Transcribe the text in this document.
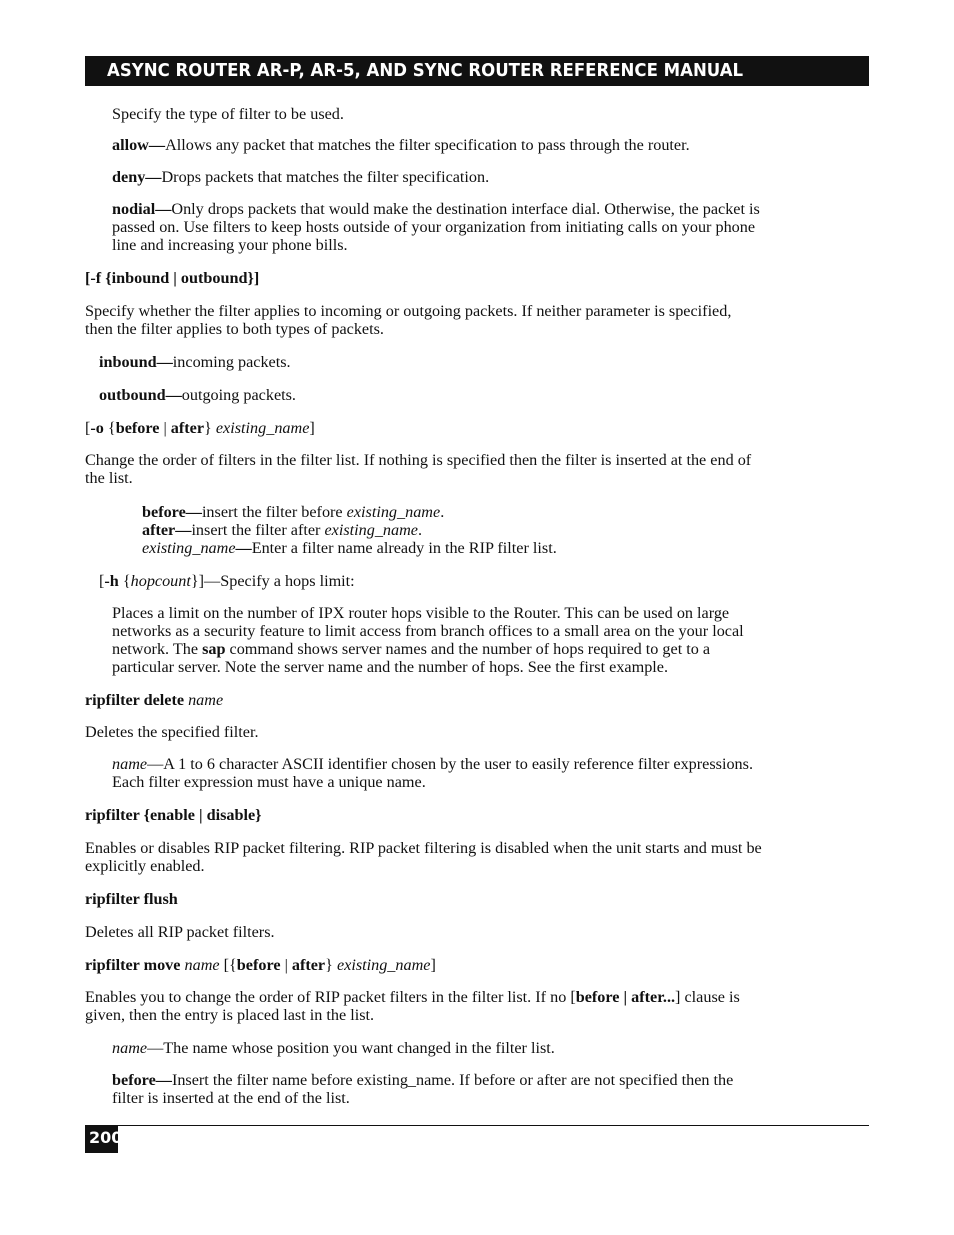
ASYNC ROUTER AR-P, AR-5, AND SYNC ROUTER REFERENCE MANUAL

Specify the type of filter to be used.

allow—Allows any packet that matches the filter specification to pass through the router.

deny—Drops packets that matches the filter specification.

nodial—Only drops packets that would make the destination interface dial. Otherwise, the packet is
passed on. Use filters to keep hosts outside of your organization from initiating calls on your phone
line and increasing your phone bills.

[-f {inbound | outbound}]

Specify whether the filter applies to incoming or outgoing packets. If neither parameter is specified,
then the filter applies to both types of packets.

inbound—incoming packets.

outbound—outgoing packets.

[-o {before | after} existing_name]

Change the order of filters in the filter list. If nothing is specified then the filter is inserted at the end of
the list.

before—insert the filter before existing_name.
after—insert the filter after existing_name.
existing_name—Enter a filter name already in the RIP filter list.

[-h {hopcount}]—Specify a hops limit:

Places a limit on the number of IPX router hops visible to the Router. This can be used on large
networks as a security feature to limit access from branch offices to a small area on the your local
network. The sap command shows server names and the number of hops required to get to a
particular server. Note the server name and the number of hops. See the first example.

ripfilter delete name

Deletes the specified filter.

name—A 1 to 6 character ASCII identifier chosen by the user to easily reference filter expressions.
Each filter expression must have a unique name.

ripfilter {enable | disable}

Enables or disables RIP packet filtering. RIP packet filtering is disabled when the unit starts and must be
explicitly enabled.

ripfilter flush

Deletes all RIP packet filters.

ripfilter move name [{before | after} existing_name]

Enables you to change the order of RIP packet filters in the filter list. If no [before | after...] clause is
given, then the entry is placed last in the list.

name—The name whose position you want changed in the filter list.

before—Insert the filter name before existing_name. If before or after are not specified then the
filter is inserted at the end of the list.

200
